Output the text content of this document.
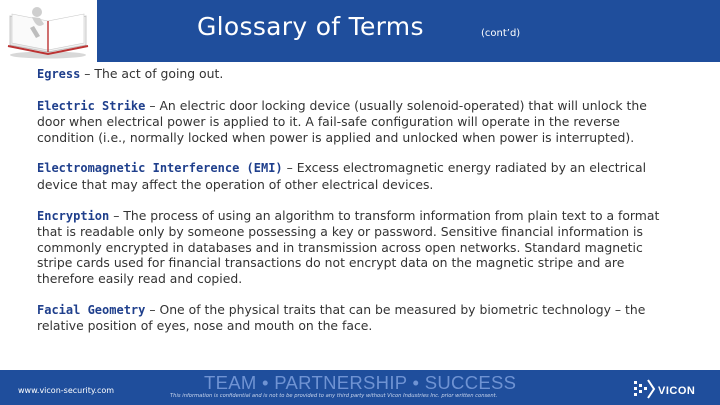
Glossary of Terms	(cont’d)
Egress – The act of going out.
Electric Strike – An electric door locking device (usually solenoid-operated) that will unlock the door when electrical power is applied to it. A fail-safe configuration will operate in the reverse condition (i.e., normally locked when power is applied and unlocked when power is interrupted).
Electromagnetic Interference (EMI) – Excess electromagnetic energy radiated by an electrical device that may affect the operation of other electrical devices.
Encryption – The process of using an algorithm to transform information from plain text to a format that is readable only by someone possessing a key or password. Sensitive financial information is commonly encrypted in databases and in transmission across open networks. Standard magnetic stripe cards used for financial transactions do not encrypt data on the magnetic stripe and are therefore easily read and copied.
Facial Geometry – One of the physical traits that can be measured by biometric technology – the relative position of eyes, nose and mouth on the face.
www.vicon-security.com	TEAM • PARTNERSHIP • SUCCESS
This information is confidential and is not to be provided to any third party without Vicon Industries Inc. prior written consent.	VICON
